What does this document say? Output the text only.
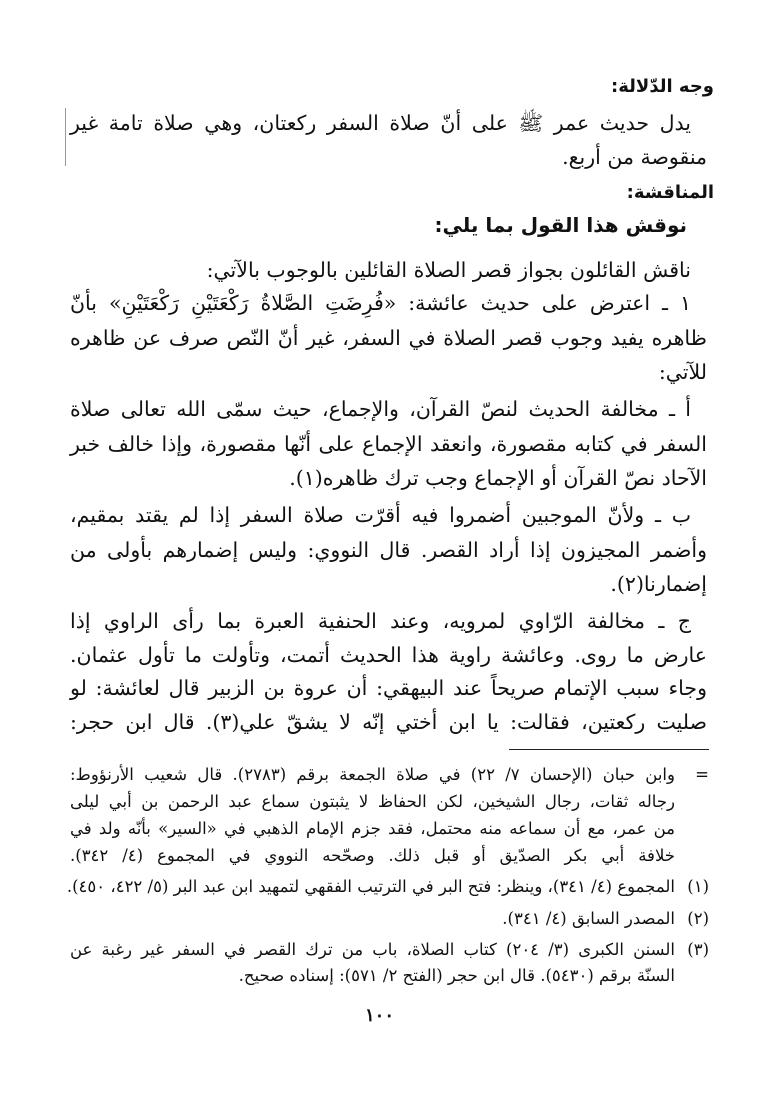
وجه الدّلالة:
يدل حديث عمر ﷺ على أنّ صلاة السفر ركعتان، وهي صلاة تامة غير
منقوصة من أربع.
المناقشة:
نوقش هذا القول بما يلي:
ناقش القائلون بجواز قصر الصلاة القائلين بالوجوب بالآتي:
١ ـ اعترض على حديث عائشة: «فُرِضَتِ الصَّلاةُ رَكْعَتَيْنِ رَكْعَتَيْنِ» بأنّ
ظاهره يفيد وجوب قصر الصلاة في السفر، غير أنّ النّص صرف عن ظاهره
للآتي:
أ ـ مخالفة الحديث لنصّ القرآن، والإجماع، حيث سمّى الله تعالى صلاة
السفر في كتابه مقصورة، وانعقد الإجماع على أنّها مقصورة، وإذا خالف خبر
الآحاد نصّ القرآن أو الإجماع وجب ترك ظاهره(١).
ب ـ ولأنّ الموجبين أضمروا فيه أقرّت صلاة السفر إذا لم يقتد بمقيم،
وأضمر المجيزون إذا أراد القصر. قال النووي: وليس إضمارهم بأولى من
إضمارنا(٢).
ج ـ مخالفة الرّاوي لمرويه، وعند الحنفية العبرة بما رأى الراوي إذا
عارض ما روى. وعائشة راوية هذا الحديث أتمت، وتأولت ما تأول عثمان.
وجاء سبب الإتمام صريحاً عند البيهقي: أن عروة بن الزبير قال لعائشة: لو
صليت ركعتين، فقالت: يا ابن أختي إنّه لا يشقّ علي(٣). قال ابن حجر:
=
وابن حبان (الإحسان ٧/ ٢٢) في صلاة الجمعة برقم (٢٧٨٣). قال شعيب الأرنؤوط:
رجاله ثقات، رجال الشيخين، لكن الحفاظ لا يثبتون سماع عبد الرحمن بن أبي ليلى
من عمر، مع أن سماعه منه محتمل، فقد جزم الإمام الذهبي في «السير» بأنّه ولد في
خلافة أبي بكر الصدّيق أو قبل ذلك. وصحّحه النووي في المجموع (٤/ ٣٤٢).
(١)
المجموع (٤/ ٣٤١)، وينظر: فتح البر في الترتيب الفقهي لتمهيد ابن عبد البر (٥/ ٤٢٢، ٤٥٠).
(٢)
المصدر السابق (٤/ ٣٤١).
(٣)
السنن الكبرى (٣/ ٢٠٤) كتاب الصلاة، باب من ترك القصر في السفر غير رغبة عن
السنّة برقم (٥٤٣٠). قال ابن حجر (الفتح ٢/ ٥٧١): إسناده صحيح.
١٠٠
